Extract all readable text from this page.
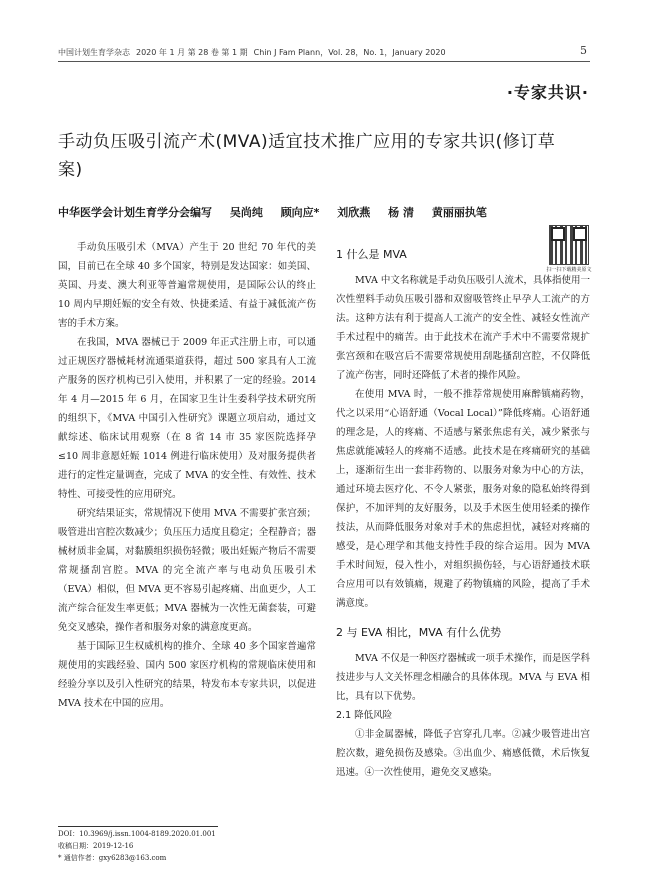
中国计划生育学杂志 2020 年 1 月 第 28 卷 第 1 期 Chin J Fam Plann，Vol. 28，No. 1，January 2020	5
·专家共识·
手动负压吸引流产术(MVA)适宜技术推广应用的专家共识(修订草案)
中华医学会计划生育学分会编写 吴尚纯 顾向应* 刘欣燕 杨 清 黄丽丽执笔
扫一扫下载精美原文

手动负压吸引术（MVA）产生于 20 世纪 70 年代的美国，目前已在全球 40 多个国家，特别是发达国家：如美国、英国、丹麦、澳大利亚等普遍常规使用，是国际公认的终止 10 周内早期妊娠的安全有效、快捷柔适、有益于减低流产伤害的手术方案。

在我国，MVA 器械已于 2009 年正式注册上市，可以通过正规医疗器械耗材流通渠道获得，超过 500 家具有人工流产服务的医疗机构已引入使用，并积累了一定的经验。2014 年 4 月—2015 年 6 月，在国家卫生计生委科学技术研究所的组织下，《MVA 中国引入性研究》课题立项启动，通过文献综述、临床试用观察（在 8 省 14 市 35 家医院选择孕≤10 周非意愿妊娠 1014 例进行临床使用）及对服务提供者进行的定性定量调查，完成了 MVA 的安全性、有效性、技术特性、可接受性的应用研究。

研究结果证实，常规情况下使用 MVA 不需要扩张宫颈；吸管进出宫腔次数减少；负压压力适度且稳定；全程静音；器械材质非金属，对黏膜组织损伤轻微；吸出妊娠产物后不需要常规搔刮宫腔。MVA 的完全流产率与电动负压吸引术（EVA）相似，但 MVA 更不容易引起疼痛、出血更少，人工流产综合征发生率更低；MVA 器械为一次性无菌套装，可避免交叉感染，操作者和服务对象的满意度更高。

基于国际卫生权威机构的推介、全球 40 多个国家普遍常规使用的实践经验、国内 500 家医疗机构的常规临床使用和经验分享以及引入性研究的结果，特发布本专家共识，以促进 MVA 技术在中国的应用。

1 什么是 MVA

MVA 中文名称就是手动负压吸引人流术，具体指使用一次性塑料手动负压吸引器和双窗吸管终止早孕人工流产的方法。这种方法有利于提高人工流产的安全性、减轻女性流产手术过程中的痛苦。由于此技术在流产手术中不需要常规扩张宫颈和在吸宫后不需要常规使用刮匙搔刮宫腔，不仅降低了流产伤害，同时还降低了术者的操作风险。

在使用 MVA 时，一般不推荐常规使用麻醉镇痛药物，代之以采用“心语舒通（Vocal Local）”降低疼痛。心语舒通的理念是，人的疼痛、不适感与紧张焦虑有关，减少紧张与焦虑就能减轻人的疼痛不适感。此技术是在疼痛研究的基础上，逐渐衍生出一套非药物的、以服务对象为中心的方法，通过环境去医疗化、不令人紧张，服务对象的隐私始终得到保护，不加评判的友好服务，以及手术医生使用轻柔的操作技法，从而降低服务对象对手术的焦虑担忧，减轻对疼痛的感受，是心理学和其他支持性手段的综合运用。因为 MVA 手术时间短，侵入性小，对组织损伤轻，与心语舒通技术联合应用可以有效镇痛，规避了药物镇痛的风险，提高了手术满意度。

2 与 EVA 相比，MVA 有什么优势

MVA 不仅是一种医疗器械或一项手术操作，而是医学科技进步与人文关怀理念相融合的具体体现。MVA 与 EVA 相比，具有以下优势。

2.1 降低风险

①非金属器械，降低子宫穿孔几率。②减少吸管进出宫腔次数，避免损伤及感染。③出血少、痛感低微，术后恢复迅速。④一次性使用，避免交叉感染。

DOI：10.3969/j.issn.1004-8189.2020.01.001
收稿日期：2019-12-16
* 通信作者：gxy6283@163.com
